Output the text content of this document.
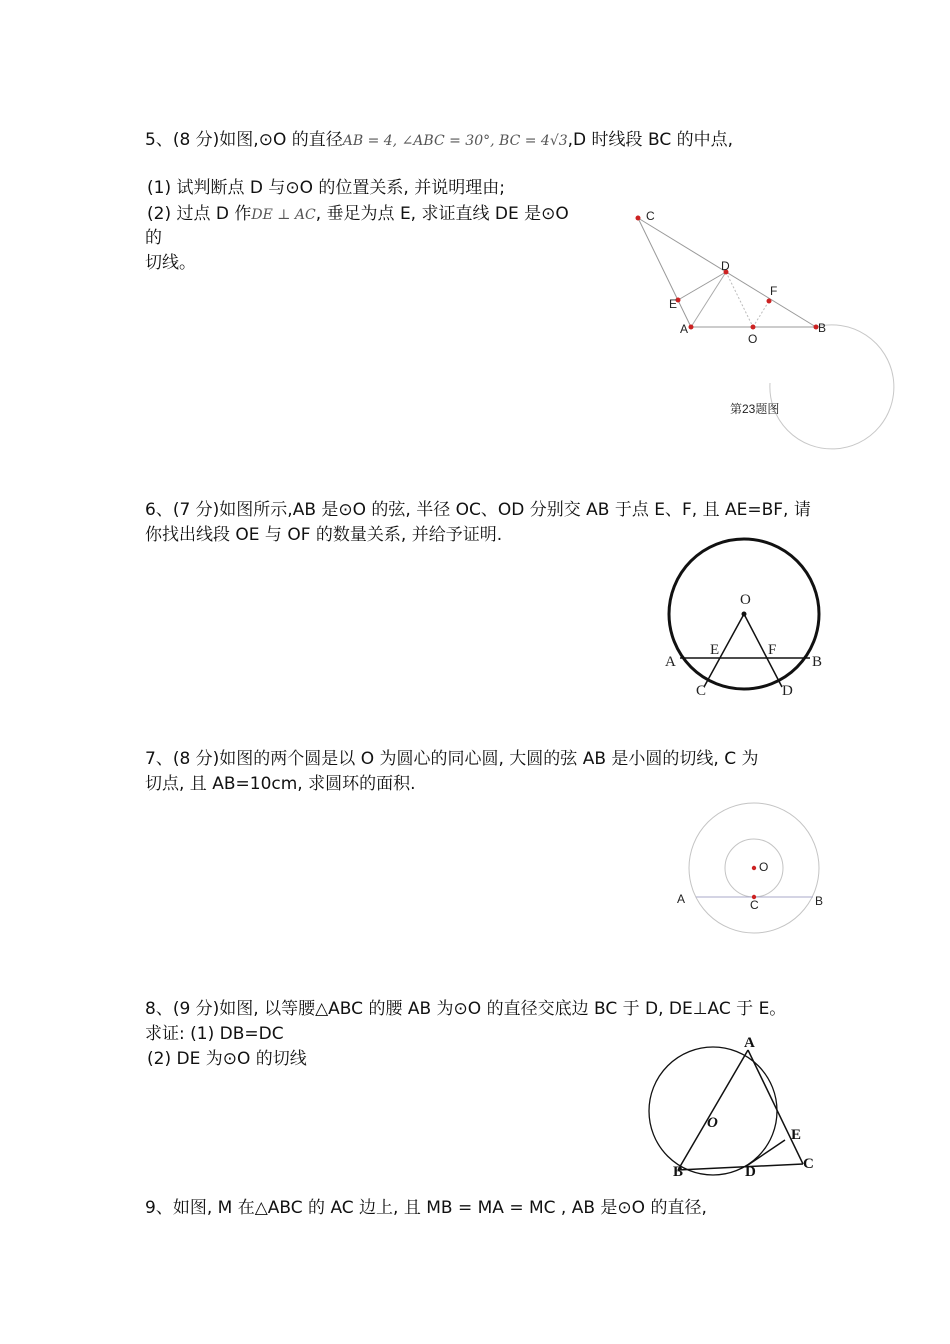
5、(8 分)如图,⊙O 的直径AB = 4, ∠ABC = 30°, BC = 4√3,D 时线段 BC 的中点,
(1) 试判断点 D 与⊙O 的位置关系, 并说明理由;
(2) 过点 D 作DE ⊥ AC, 垂足为点 E, 求证直线 DE 是⊙O
的
切线。
C
D
E
F
A
O
B
第23题图
6、(7 分)如图所示,AB 是⊙O 的弦, 半径 OC、OD 分别交 AB 于点 E、F, 且 AE=BF, 请
你找出线段 OE 与 OF 的数量关系, 并给予证明.
O
E	F
A	B
C	D
7、(8 分)如图的两个圆是以 O 为圆心的同心圆, 大圆的弦 AB 是小圆的切线, C 为
切点, 且 AB=10cm, 求圆环的面积.
O
A	C	B
8、(9 分)如图, 以等腰△ABC 的腰 AB 为⊙O 的直径交底边 BC 于 D, DE⊥AC 于 E。
求证: (1) DB=DC
(2) DE 为⊙O 的切线
A
O
E
B	D	C
9、如图, M 在△ABC 的 AC 边上, 且 MB = MA = MC , AB 是⊙O 的直径,
